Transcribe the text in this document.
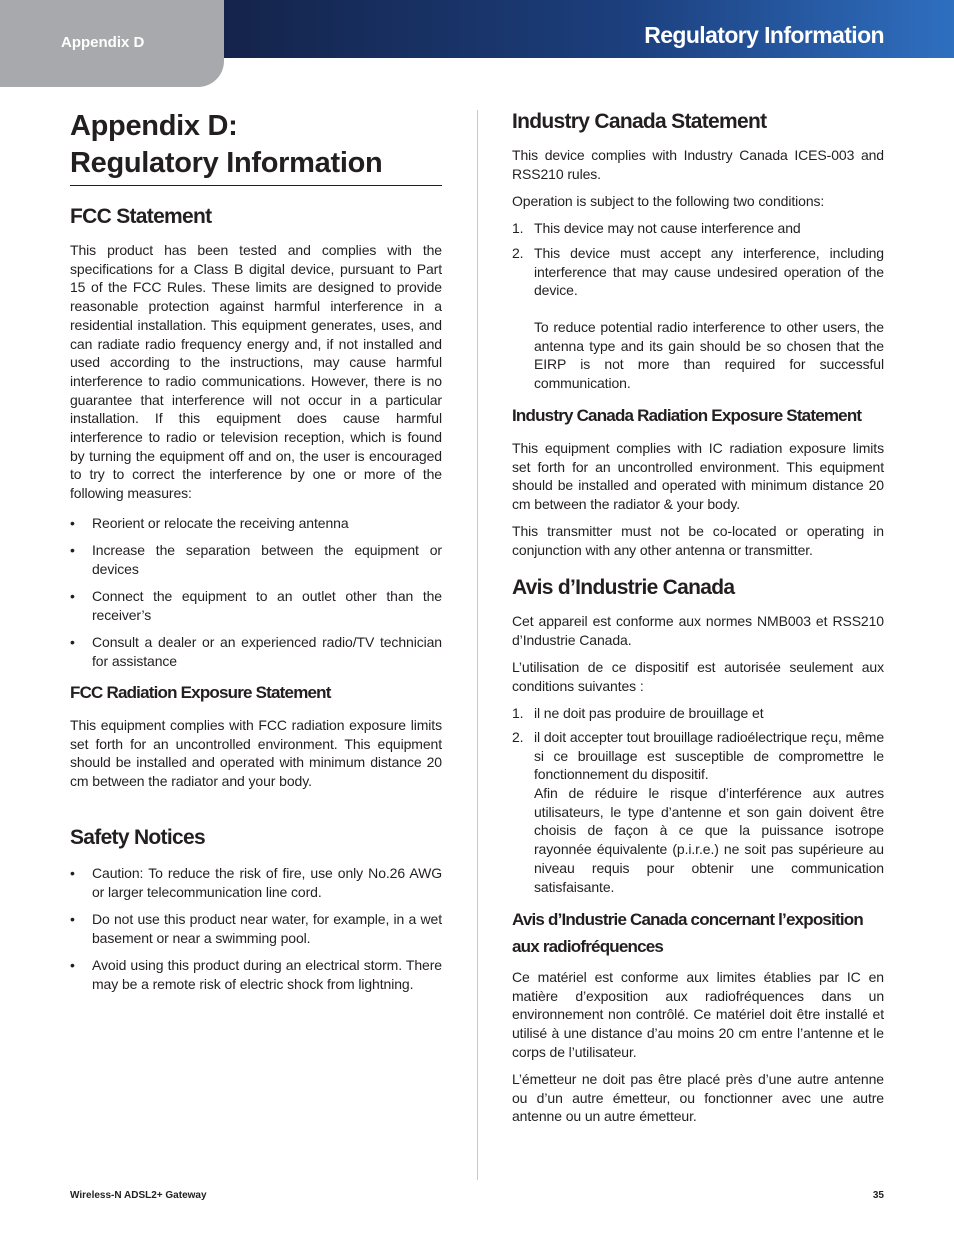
Appendix D	Regulatory Information
Appendix D:
Regulatory Information
FCC Statement

This product has been tested and complies with the specifications for a Class B digital device, pursuant to Part 15 of the FCC Rules. These limits are designed to provide reasonable protection against harmful interference in a residential installation. This equipment generates, uses, and can radiate radio frequency energy and, if not installed and used according to the instructions, may cause harmful interference to radio communications. However, there is no guarantee that interference will not occur in a particular installation. If this equipment does cause harmful interference to radio or television reception, which is found by turning the equipment off and on, the user is encouraged to try to correct the interference by one or more of the following measures:

• Reorient or relocate the receiving antenna
• Increase the separation between the equipment or devices
• Connect the equipment to an outlet other than the receiver’s
• Consult a dealer or an experienced radio/TV technician for assistance
FCC Radiation Exposure Statement

This equipment complies with FCC radiation exposure limits set forth for an uncontrolled environment. This equipment should be installed and operated with minimum distance 20 cm between the radiator and your body.

Safety Notices
• Caution: To reduce the risk of fire, use only No.26 AWG or larger telecommunication line cord.
• Do not use this product near water, for example, in a wet basement or near a swimming pool.
• Avoid using this product during an electrical storm. There may be a remote risk of electric shock from lightning.
Industry Canada Statement

This device complies with Industry Canada ICES-003 and RSS210 rules.

Operation is subject to the following two conditions:

1. This device may not cause interference and
2. This device must accept any interference, including interference that may cause undesired operation of the device.

To reduce potential radio interference to other users, the antenna type and its gain should be so chosen that the EIRP is not more than required for successful communication.

Industry Canada Radiation Exposure Statement

This equipment complies with IC radiation exposure limits set forth for an uncontrolled environment. This equipment should be installed and operated with minimum distance 20 cm between the radiator & your body.

This transmitter must not be co-located or operating in conjunction with any other antenna or transmitter.

Avis d’Industrie Canada

Cet appareil est conforme aux normes NMB003 et RSS210 d’Industrie Canada.

L’utilisation de ce dispositif est autorisée seulement aux conditions suivantes :

1. il ne doit pas produire de brouillage et
2. il doit accepter tout brouillage radioélectrique reçu, même si ce brouillage est susceptible de compromettre le fonctionnement du dispositif.

Afin de réduire le risque d’interférence aux autres utilisateurs, le type d’antenne et son gain doivent être choisis de façon à ce que la puissance isotrope rayonnée équivalente (p.i.r.e.) ne soit pas supérieure au niveau requis pour obtenir une communication satisfaisante.

Avis d’Industrie Canada concernant l’exposition
aux radiofréquences

Ce matériel est conforme aux limites établies par IC en matière d’exposition aux radiofréquences dans un environnement non contrôlé. Ce matériel doit être installé et utilisé à une distance d’au moins 20 cm entre l’antenne et le corps de l’utilisateur.

L’émetteur ne doit pas être placé près d’une autre antenne ou d’un autre émetteur, ou fonctionner avec une autre antenne ou un autre émetteur.

Wireless-N ADSL2+ Gateway	35
